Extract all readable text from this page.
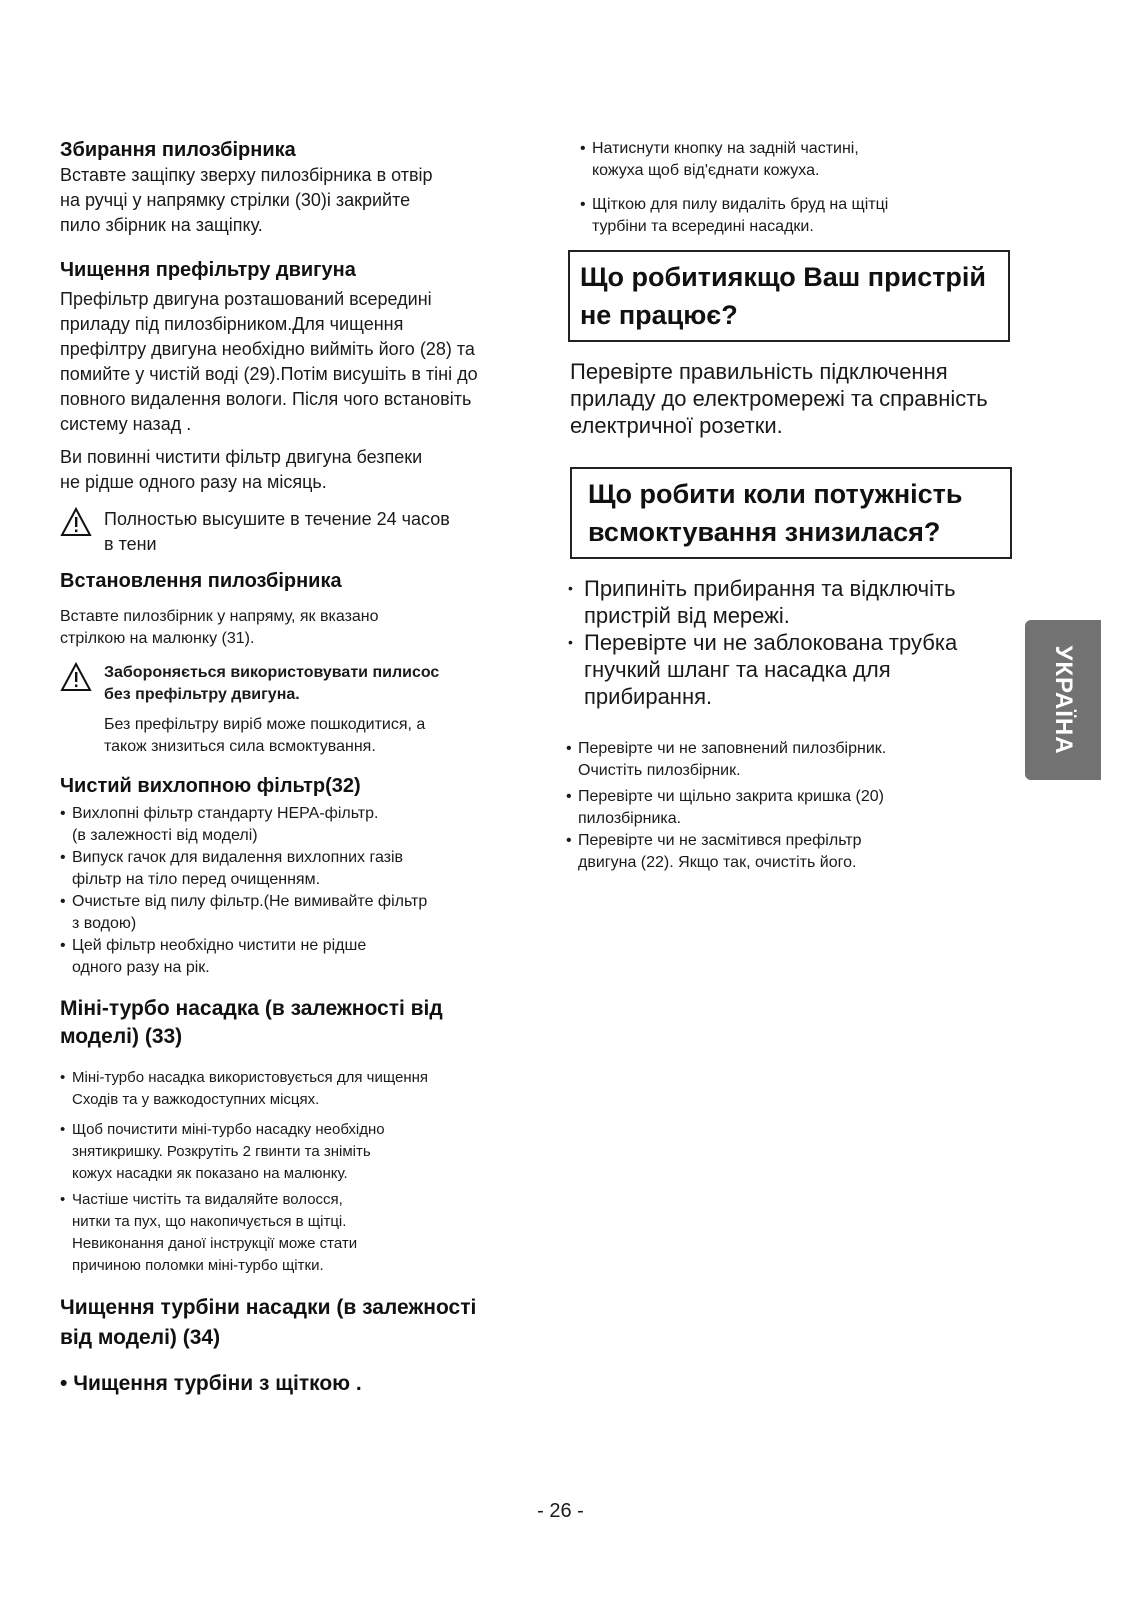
Збирання пилозбірника

Вставте защіпку зверху пилозбірника в отвір

на ручці у напрямку стрілки (30)і закрийте

пило збірник на защіпку.

Чищення префільтру двигуна

Префільтр двигуна розташований всередині

приладу під пилозбірником.Для чищення

префілтру двигуна необхідно вийміть його (28) та

помийте у чистій воді (29).Потім висушіть в тіні до

повного видалення вологи. Після чого встановіть

систему назад .

Ви повинні чистити фільтр двигуна безпеки

не рідше одного разу на місяць.

Полностью высушите в течение 24 часов

в тени

Встановлення пилозбірника

Вставте пилозбірник у напряму, як вказано

стрілкою на малюнку (31).

Забороняється використовувати пилисос

без префільтру двигуна.

Без префільтру виріб може пошкодитися, а

також знизиться сила всмоктування.

Чистий вихлопною фільтр(32)
• Вихлопні фільтр стандарту HEPA-фільтр.
(в залежності від моделі)
• Випуск гачок для видалення вихлопних газів
фільтр на тіло перед очищенням.
• Очистьте від пилу фільтр.(Не вимивайте фільтр
з водою)
• Цей фільтр необхідно чистити не рідше
одного разу на рік.
Міні-турбо насадка (в залежності від
моделі) (33)
• Міні-турбо насадка використовується для чищення
Сходів та у важкодоступних місцях.
• Щоб почистити міні-турбо насадку необхідно
знятикришку. Розкрутіть 2 гвинти та зніміть
кожух насадки як показано на малюнку.
• Частіше чистіть та видаляйте волосся,
нитки та пух, що накопичується в щітці.
Невиконання даної інструкції може стати
причиною поломки міні-турбо щітки.
Чищення турбіни насадки (в залежності
від моделі) (34)
• Чищення турбіни з щіткою .
• Натиснути кнопку на задній частині,
кожуха щоб від'єднати кожуха.
• Щіткою для пилу видаліть бруд на щітці
турбіни та всередині насадки.
Що робитиякщо Ваш пристрій
не працює?

Перевірте правильність підключення

приладу до електромережі та справність

електричної розетки.

Що робити коли потужність
всмоктування знизилася?
• Припиніть прибирання та відключіть
пристрій від мережі.
• Перевірте чи не заблокована трубка
гнучкий шланг та насадка для
прибирання.
• Перевірте чи не заповнений пилозбірник.
Очистіть пилозбірник.
• Перевірте чи щільно закрита кришка (20)
пилозбірника.
• Перевірте чи не засмітився префільтр
двигуна (22). Якщо так, очистіть його.
УКРАЇНА
- 26 -
